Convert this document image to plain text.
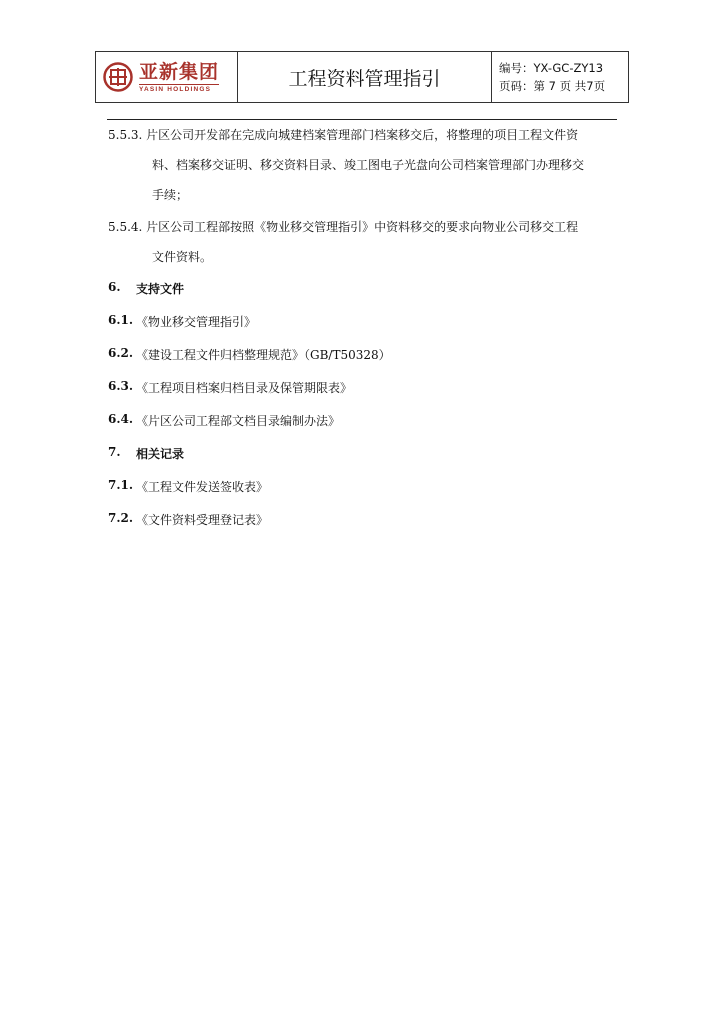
亚新集团
YASIN HOLDINGS	工程资料管理指引	编号：YX-GC-ZY13
页码：第 7 页 共7页
5.5.3. 片区公司开发部在完成向城建档案管理部门档案移交后，将整理的项目工程文件资
料、档案移交证明、移交资料目录、竣工图电子光盘向公司档案管理部门办理移交
手续；
5.5.4. 片区公司工程部按照《物业移交管理指引》中资料移交的要求向物业公司移交工程
文件资料。
6. 支持文件
6.1. 《物业移交管理指引》
6.2. 《建设工程文件归档整理规范》（GB/T50328）
6.3. 《工程项目档案归档目录及保管期限表》
6.4. 《片区公司工程部文档目录编制办法》
7. 相关记录
7.1. 《工程文件发送签收表》
7.2. 《文件资料受理登记表》
